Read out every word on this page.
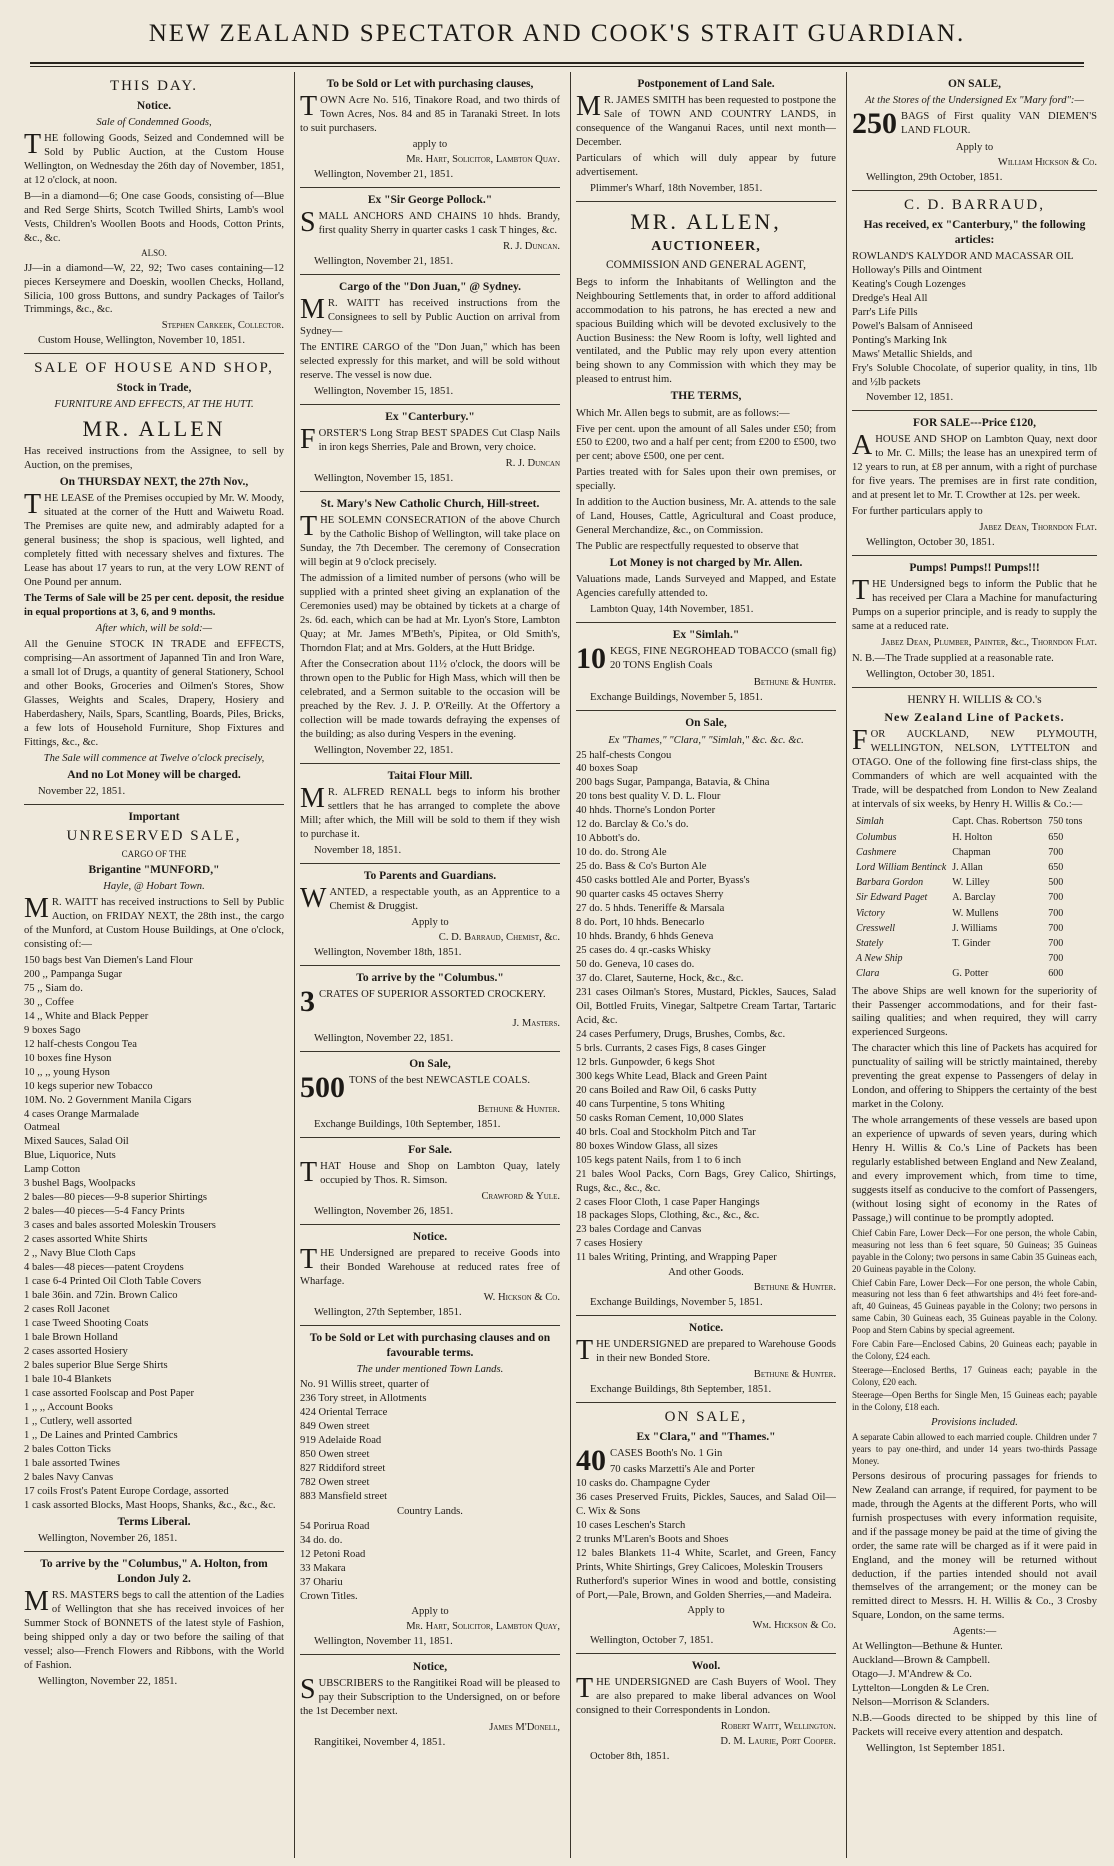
NEW ZEALAND SPECTATOR AND COOK'S STRAIT GUARDIAN.
THIS DAY.
Notice.
Sale of Condemned Goods,

THE following Goods, Seized and Condemned will be Sold by Public Auction, at the Custom House Wellington, on Wednesday the 26th day of November, 1851, at 12 o'clock, at noon.

B—in a diamond—6; One case Goods, consisting of—Blue and Red Serge Shirts, Scotch Twilled Shirts, Lamb's wool Vests, Children's Woollen Boots and Hoods, Cotton Prints, &c., &c.

ALSO.

JJ—in a diamond—W, 22, 92; Two cases containing—12 pieces Kerseymere and Doeskin, woollen Checks, Holland, Silicia, 100 gross Buttons, and sundry Packages of Tailor's Trimmings, &c., &c.

Stephen Carkeek, Collector.
Custom House, Wellington, November 10, 1851.
SALE OF HOUSE AND SHOP,
Stock in Trade,
FURNITURE AND EFFECTS, AT THE HUTT.
MR. ALLEN

Has received instructions from the Assignee, to sell by Auction, on the premises,

On THURSDAY NEXT, the 27th Nov.,

THE LEASE of the Premises occupied by Mr. W. Moody, situated at the corner of the Hutt and Waiwetu Road. The Premises are quite new, and admirably adapted for a general business; the shop is spacious, well lighted, and completely fitted with necessary shelves and fixtures. The Lease has about 17 years to run, at the very LOW RENT of One Pound per annum.

The Terms of Sale will be 25 per cent. deposit, the residue in equal proportions at 3, 6, and 9 months.

After which, will be sold:—

All the Genuine STOCK IN TRADE and EFFECTS, comprising—An assortment of Japanned Tin and Iron Ware, a small lot of Drugs, a quantity of general Stationery, School and other Books, Groceries and Oilmen's Stores, Show Glasses, Weights and Scales, Drapery, Hosiery and Haberdashery, Nails, Spars, Scantling, Boards, Piles, Bricks, a few lots of Household Furniture, Shop Fixtures and Fittings, &c., &c.

The Sale will commence at Twelve o'clock precisely,
And no Lot Money will be charged.
November 22, 1851.
Important
UNRESERVED SALE,
CARGO OF THE
Brigantine "MUNFORD,"
Hayle, @ Hobart Town.

MR. WAITT has received instructions to Sell by Public Auction, on FRIDAY NEXT, the 28th inst., the cargo of the Munford, at Custom House Buildings, at One o'clock, consisting of:—

150 bags best Van Diemen's Land Flour
200 ,, Pampanga Sugar
75 ,, Siam do.
30 ,, Coffee
14 ,, White and Black Pepper
9 boxes Sago
12 half-chests Congou Tea
10 boxes fine Hyson
10 ,, ,, young Hyson
10 kegs superior new Tobacco
10M. No. 2 Government Manila Cigars
4 cases Orange Marmalade
Oatmeal
Mixed Sauces, Salad Oil
Blue, Liquorice, Nuts
Lamp Cotton
3 bushel Bags, Woolpacks
2 bales—80 pieces—9-8 superior Shirtings
2 bales—40 pieces—5-4 Fancy Prints
3 cases and bales assorted Moleskin Trousers
2 cases assorted White Shirts
2 ,, Navy Blue Cloth Caps
4 bales—48 pieces—patent Croydens
1 case 6-4 Printed Oil Cloth Table Covers
1 bale 36in. and 72in. Brown Calico
2 cases Roll Jaconet
1 case Tweed Shooting Coats
1 bale Brown Holland
2 cases assorted Hosiery
2 bales superior Blue Serge Shirts
1 bale 10-4 Blankets
1 case assorted Foolscap and Post Paper
1 ,, ,, Account Books
1 ,, Cutlery, well assorted
1 ,, De Laines and Printed Cambrics
2 bales Cotton Ticks
1 bale assorted Twines
2 bales Navy Canvas
17 coils Frost's Patent Europe Cordage, assorted
1 cask assorted Blocks, Mast Hoops, Shanks, &c., &c., &c.
Terms Liberal.
Wellington, November 26, 1851.
To arrive by the "Columbus," A. Holton, from London July 2.

MRS. MASTERS begs to call the attention of the Ladies of Wellington that she has received invoices of her Summer Stock of BONNETS of the latest style of Fashion, being shipped only a day or two before the sailing of that vessel; also—French Flowers and Ribbons, with the World of Fashion.

Wellington, November 22, 1851.
To be Sold or Let with purchasing clauses,

TOWN Acre No. 516, Tinakore Road, and two thirds of Town Acres, Nos. 84 and 85 in Taranaki Street. In lots to suit purchasers.

apply to
Mr. Hart, Solicitor, Lambton Quay.
Wellington, November 21, 1851.
Ex "Sir George Pollock."

SMALL ANCHORS AND CHAINS 10 hhds. Brandy, first quality Sherry in quarter casks 1 cask T hinges, &c.

R. J. Duncan.
Wellington, November 21, 1851.
Cargo of the "Don Juan," @ Sydney.

MR. WAITT has received instructions from the Consignees to sell by Public Auction on arrival from Sydney—

The ENTIRE CARGO of the "Don Juan," which has been selected expressly for this market, and will be sold without reserve. The vessel is now due.

Wellington, November 15, 1851.
Ex "Canterbury."

FORSTER'S Long Strap BEST SPADES Cut Clasp Nails in iron kegs Sherries, Pale and Brown, very choice.

R. J. Duncan
Wellington, November 15, 1851.
St. Mary's New Catholic Church, Hill-street.

THE SOLEMN CONSECRATION of the above Church by the Catholic Bishop of Wellington, will take place on Sunday, the 7th December. The ceremony of Consecration will begin at 9 o'clock precisely.

The admission of a limited number of persons (who will be supplied with a printed sheet giving an explanation of the Ceremonies used) may be obtained by tickets at a charge of 2s. 6d. each, which can be had at Mr. Lyon's Store, Lambton Quay; at Mr. James M'Beth's, Pipitea, or Old Smith's, Thorndon Flat; and at Mrs. Golders, at the Hutt Bridge.

After the Consecration about 11½ o'clock, the doors will be thrown open to the Public for High Mass, which will then be celebrated, and a Sermon suitable to the occasion will be preached by the Rev. J. J. P. O'Reilly. At the Offertory a collection will be made towards defraying the expenses of the building; as also during Vespers in the evening.

Wellington, November 22, 1851.
Taitai Flour Mill.

MR. ALFRED RENALL begs to inform his brother settlers that he has arranged to complete the above Mill; after which, the Mill will be sold to them if they wish to purchase it.

November 18, 1851.
To Parents and Guardians.

WANTED, a respectable youth, as an Apprentice to a Chemist & Druggist.

Apply to
C. D. Barraud, Chemist, &c.
Wellington, November 18th, 1851.
To arrive by the "Columbus."

3 CRATES OF SUPERIOR ASSORTED CROCKERY.

J. Masters.
Wellington, November 22, 1851.
On Sale,

500 TONS of the best NEWCASTLE COALS.

Bethune & Hunter.
Exchange Buildings, 10th September, 1851.
For Sale.

THAT House and Shop on Lambton Quay, lately occupied by Thos. R. Simson.

Crawford & Yule.
Wellington, November 26, 1851.
Notice.

THE Undersigned are prepared to receive Goods into their Bonded Warehouse at reduced rates free of Wharfage.

W. Hickson & Co.
Wellington, 27th September, 1851.
To be Sold or Let with purchasing clauses and on favourable terms.
The under mentioned Town Lands.
No. 91 Willis street, quarter of
236 Tory street, in Allotments
424 Oriental Terrace
849 Owen street
919 Adelaide Road
850 Owen street
827 Riddiford street
782 Owen street
883 Mansfield street
Country Lands.
54 Porirua Road
34 do. do.
12 Petoni Road
33 Makara
37 Ohariu
Crown Titles.
Apply to
Mr. Hart, Solicitor, Lambton Quay,
Wellington, November 11, 1851.
Notice,

SUBSCRIBERS to the Rangitikei Road will be pleased to pay their Subscription to the Undersigned, on or before the 1st December next.

James M'Donell,
Rangitikei, November 4, 1851.
Postponement of Land Sale.

MR. JAMES SMITH has been requested to postpone the Sale of TOWN AND COUNTRY LANDS, in consequence of the Wanganui Races, until next month—December.

Particulars of which will duly appear by future advertisement.

Plimmer's Wharf, 18th November, 1851.
MR. ALLEN,
AUCTIONEER,
COMMISSION AND GENERAL AGENT,

Begs to inform the Inhabitants of Wellington and the Neighbouring Settlements that, in order to afford additional accommodation to his patrons, he has erected a new and spacious Building which will be devoted exclusively to the Auction Business: the New Room is lofty, well lighted and ventilated, and the Public may rely upon every attention being shown to any Commission with which they may be pleased to entrust him.

THE TERMS,

Which Mr. Allen begs to submit, are as follows:—

Five per cent. upon the amount of all Sales under £50; from £50 to £200, two and a half per cent; from £200 to £500, two per cent; above £500, one per cent.

Parties treated with for Sales upon their own premises, or specially.

In addition to the Auction business, Mr. A. attends to the sale of Land, Houses, Cattle, Agricultural and Coast produce, General Merchandize, &c., on Commission.

The Public are respectfully requested to observe that

Lot Money is not charged by Mr. Allen.

Valuations made, Lands Surveyed and Mapped, and Estate Agencies carefully attended to.

Lambton Quay, 14th November, 1851.
Ex "Simlah."

10 KEGS, FINE NEGROHEAD TOBACCO (small fig) 20 TONS English Coals

Bethune & Hunter.
Exchange Buildings, November 5, 1851.
On Sale,
Ex "Thames," "Clara," "Simlah," &c. &c. &c.
25 half-chests Congou
40 boxes Soap
200 bags Sugar, Pampanga, Batavia, & China
20 tons best quality V. D. L. Flour
40 hhds. Thorne's London Porter
12 do. Barclay & Co.'s do.
10 Abbott's do.
10 do. do. Strong Ale
25 do. Bass & Co's Burton Ale
450 casks bottled Ale and Porter, Byass's
90 quarter casks 45 octaves Sherry
27 do. 5 hhds. Teneriffe & Marsala
8 do. Port, 10 hhds. Benecarlo
10 hhds. Brandy, 6 hhds Geneva
25 cases do. 4 qr.-casks Whisky
50 do. Geneva, 10 cases do.
37 do. Claret, Sauterne, Hock, &c., &c.
231 cases Oilman's Stores, Mustard, Pickles, Sauces, Salad Oil, Bottled Fruits, Vinegar, Saltpetre Cream Tartar, Tartaric Acid, &c.
24 cases Perfumery, Drugs, Brushes, Combs, &c.
5 brls. Currants, 2 cases Figs, 8 cases Ginger
12 brls. Gunpowder, 6 kegs Shot
300 kegs White Lead, Black and Green Paint
20 cans Boiled and Raw Oil, 6 casks Putty
40 cans Turpentine, 5 tons Whiting
50 casks Roman Cement, 10,000 Slates
40 brls. Coal and Stockholm Pitch and Tar
80 boxes Window Glass, all sizes
105 kegs patent Nails, from 1 to 6 inch
21 bales Wool Packs, Corn Bags, Grey Calico, Shirtings, Rugs, &c., &c., &c.
2 cases Floor Cloth, 1 case Paper Hangings
18 packages Slops, Clothing, &c., &c., &c.
23 bales Cordage and Canvas
7 cases Hosiery
11 bales Writing, Printing, and Wrapping Paper
And other Goods.
Bethune & Hunter.
Exchange Buildings, November 5, 1851.
Notice.

THE UNDERSIGNED are prepared to Warehouse Goods in their new Bonded Store.

Bethune & Hunter.
Exchange Buildings, 8th September, 1851.
ON SALE,
Ex "Clara," and "Thames."

40 CASES Booth's No. 1 Gin

70 casks Marzetti's Ale and Porter
10 casks do. Champagne Cyder
36 cases Preserved Fruits, Pickles, Sauces, and Salad Oil—C. Wix & Sons
10 cases Leschen's Starch
2 trunks M'Laren's Boots and Shoes
12 bales Blankets 11-4 White, Scarlet, and Green, Fancy Prints, White Shirtings, Grey Calicoes, Moleskin Trousers
Rutherford's superior Wines in wood and bottle, consisting of Port,—Pale, Brown, and Golden Sherries,—and Madeira.
Apply to
Wm. Hickson & Co.
Wellington, October 7, 1851.
Wool.

THE UNDERSIGNED are Cash Buyers of Wool. They are also prepared to make liberal advances on Wool consigned to their Correspondents in London.

Robert Waitt, Wellington.
D. M. Laurie, Port Cooper.
October 8th, 1851.
ON SALE,
At the Stores of the Undersigned Ex "Mary ford":—

250 BAGS of First quality VAN DIEMEN'S LAND FLOUR.

Apply to
William Hickson & Co.
Wellington, 29th October, 1851.
C. D. BARRAUD,
Has received, ex "Canterbury," the following articles:
ROWLAND'S KALYDOR AND MACASSAR OIL
Holloway's Pills and Ointment
Keating's Cough Lozenges
Dredge's Heal All
Parr's Life Pills
Powel's Balsam of Anniseed
Ponting's Marking Ink
Maws' Metallic Shields, and
Fry's Soluble Chocolate, of superior quality, in tins, 1lb and ½lb packets
November 12, 1851.
FOR SALE---Price £120,

AHOUSE AND SHOP on Lambton Quay, next door to Mr. C. Mills; the lease has an unexpired term of 12 years to run, at £8 per annum, with a right of purchase for five years. The premises are in first rate condition, and at present let to Mr. T. Crowther at 12s. per week.

For further particulars apply to

Jabez Dean, Thorndon Flat.
Wellington, October 30, 1851.
Pumps! Pumps!! Pumps!!!

THE Undersigned begs to inform the Public that he has received per Clara a Machine for manufacturing Pumps on a superior principle, and is ready to supply the same at a reduced rate.

Jabez Dean, Plumber, Painter, &c., Thorndon Flat.

N. B.—The Trade supplied at a reasonable rate.

Wellington, October 30, 1851.
HENRY H. WILLIS & CO.'s
New Zealand Line of Packets.

FOR AUCKLAND, NEW PLYMOUTH, WELLINGTON, NELSON, LYTTELTON and OTAGO. One of the following fine first-class ships, the Commanders of which are well acquainted with the Trade, will be despatched from London to New Zealand at intervals of six weeks, by Henry H. Willis & Co.:—

Simlah	Capt. Chas. Robertson	750 tons
Columbus	H. Holton	650
Cashmere	Chapman	700
Lord William Bentinck	J. Allan	650
Barbara Gordon	W. Lilley	500
Sir Edward Paget	A. Barclay	700
Victory	W. Mullens	700
Cresswell	J. Williams	700
Stately	T. Ginder	700
A New Ship		700
Clara	G. Potter	600

The above Ships are well known for the superiority of their Passenger accommodations, and for their fast-sailing qualities; and when required, they will carry experienced Surgeons.

The character which this line of Packets has acquired for punctuality of sailing will be strictly maintained, thereby preventing the great expense to Passengers of delay in London, and offering to Shippers the certainty of the best market in the Colony.

The whole arrangements of these vessels are based upon an experience of upwards of seven years, during which Henry H. Willis & Co.'s Line of Packets has been regularly established between England and New Zealand, and every improvement which, from time to time, suggests itself as conducive to the comfort of Passengers, (without losing sight of economy in the Rates of Passage,) will continue to be promptly adopted.

Chief Cabin Fare, Lower Deck—For one person, the whole Cabin, measuring not less than 6 feet square, 50 Guineas; 35 Guineas payable in the Colony; two persons in same Cabin 35 Guineas each, 20 Guineas payable in the Colony.

Chief Cabin Fare, Lower Deck—For one person, the whole Cabin, measuring not less than 6 feet athwartships and 4½ feet fore-and-aft, 40 Guineas, 45 Guineas payable in the Colony; two persons in same Cabin, 30 Guineas each, 35 Guineas payable in the Colony. Poop and Stern Cabins by special agreement.

Fore Cabin Fare—Enclosed Cabins, 20 Guineas each; payable in the Colony, £24 each.

Steerage—Enclosed Berths, 17 Guineas each; payable in the Colony, £20 each.

Steerage—Open Berths for Single Men, 15 Guineas each; payable in the Colony, £18 each.

Provisions included.

A separate Cabin allowed to each married couple. Children under 7 years to pay one-third, and under 14 years two-thirds Passage Money.

Persons desirous of procuring passages for friends to New Zealand can arrange, if required, for payment to be made, through the Agents at the different Ports, who will furnish prospectuses with every information requisite, and if the passage money be paid at the time of giving the order, the same rate will be charged as if it were paid in England, and the money will be returned without deduction, if the parties intended should not avail themselves of the arrangement; or the money can be remitted direct to Messrs. H. H. Willis & Co., 3 Crosby Square, London, on the same terms.

Agents:—
At Wellington—Bethune & Hunter.
Auckland—Brown & Campbell.
Otago—J. M'Andrew & Co.
Lyttelton—Longden & Le Cren.
Nelson—Morrison & Sclanders.

N.B.—Goods directed to be shipped by this line of Packets will receive every attention and despatch.

Wellington, 1st September 1851.
